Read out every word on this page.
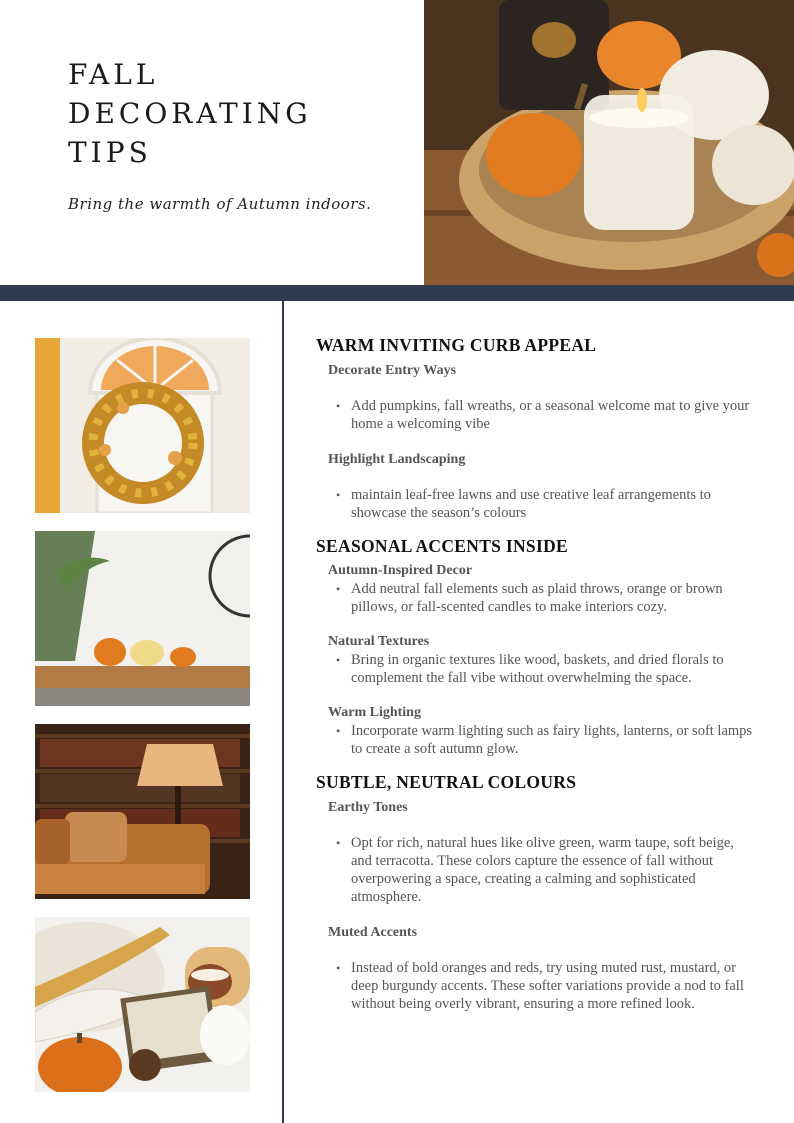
FALL
DECORATING
TIPS
Bring the warmth of Autumn indoors.
WARM INVITING CURB APPEAL
Decorate Entry Ways
• Add pumpkins, fall wreaths, or a seasonal welcome mat to give your home a welcoming vibe
Highlight Landscaping
• maintain leaf-free lawns and use creative leaf arrangements to showcase the season’s colours
SEASONAL ACCENTS INSIDE
Autumn-Inspired Decor
• Add neutral fall elements such as plaid throws, orange or brown pillows, or fall-scented candles to make interiors cozy.
Natural Textures
• Bring in organic textures like wood, baskets, and dried florals to complement the fall vibe without overwhelming the space.
Warm Lighting
• Incorporate warm lighting such as fairy lights, lanterns, or soft lamps to create a soft autumn glow.
SUBTLE, NEUTRAL COLOURS
Earthy Tones
• Opt for rich, natural hues like olive green, warm taupe, soft beige, and terracotta. These colors capture the essence of fall without overpowering a space, creating a calming and sophisticated atmosphere.
Muted Accents
• Instead of bold oranges and reds, try using muted rust, mustard, or deep burgundy accents. These softer variations provide a nod to fall without being overly vibrant, ensuring a more refined look.
